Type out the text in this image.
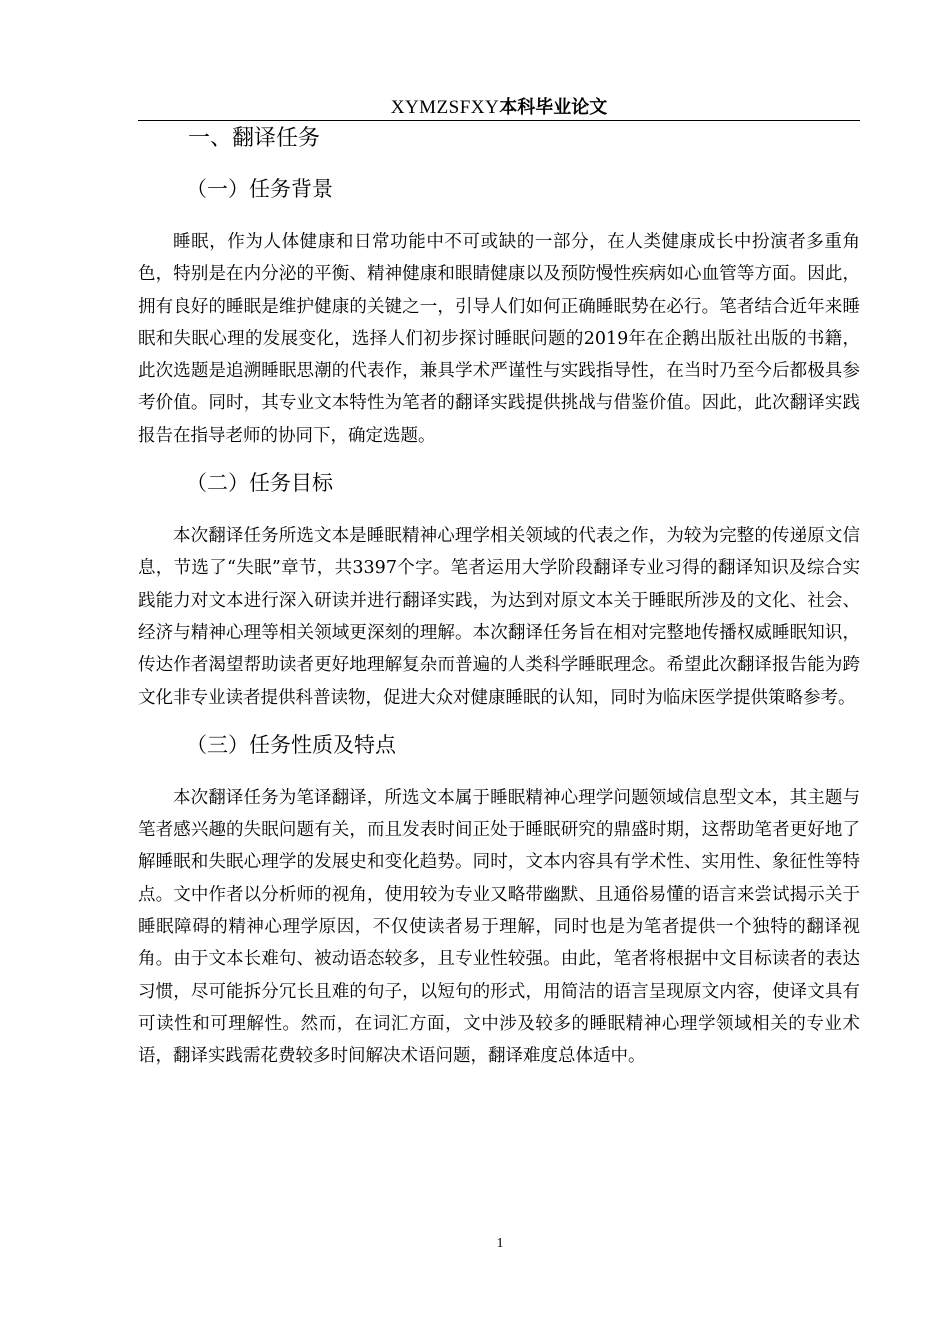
XYMZSFXY本科毕业论文
一、翻译任务
（一）任务背景

睡眠，作为人体健康和日常功能中不可或缺的一部分，在人类健康成长中扮演者多重角色，特别是在内分泌的平衡、精神健康和眼睛健康以及预防慢性疾病如心血管等方面。因此，拥有良好的睡眠是维护健康的关键之一，引导人们如何正确睡眠势在必行。笔者结合近年来睡眠和失眠心理的发展变化，选择人们初步探讨睡眠问题的2019年在企鹅出版社出版的书籍，此次选题是追溯睡眠思潮的代表作，兼具学术严谨性与实践指导性，在当时乃至今后都极具参考价值。同时，其专业文本特性为笔者的翻译实践提供挑战与借鉴价值。因此，此次翻译实践报告在指导老师的协同下，确定选题。

（二）任务目标

本次翻译任务所选文本是睡眠精神心理学相关领域的代表之作，为较为完整的传递原文信息，节选了“失眠”章节，共3397个字。笔者运用大学阶段翻译专业习得的翻译知识及综合实践能力对文本进行深入研读并进行翻译实践，为达到对原文本关于睡眠所涉及的文化、社会、经济与精神心理等相关领域更深刻的理解。本次翻译任务旨在相对完整地传播权威睡眠知识，传达作者渴望帮助读者更好地理解复杂而普遍的人类科学睡眠理念。希望此次翻译报告能为跨文化非专业读者提供科普读物，促进大众对健康睡眠的认知，同时为临床医学提供策略参考。

（三）任务性质及特点

本次翻译任务为笔译翻译，所选文本属于睡眠精神心理学问题领域信息型文本，其主题与笔者感兴趣的失眠问题有关，而且发表时间正处于睡眠研究的鼎盛时期，这帮助笔者更好地了解睡眠和失眠心理学的发展史和变化趋势。同时，文本内容具有学术性、实用性、象征性等特点。文中作者以分析师的视角，使用较为专业又略带幽默、且通俗易懂的语言来尝试揭示关于睡眠障碍的精神心理学原因，不仅使读者易于理解，同时也是为笔者提供一个独特的翻译视角。由于文本长难句、被动语态较多，且专业性较强。由此，笔者将根据中文目标读者的表达习惯，尽可能拆分冗长且难的句子，以短句的形式，用简洁的语言呈现原文内容，使译文具有可读性和可理解性。然而，在词汇方面，文中涉及较多的睡眠精神心理学领域相关的专业术语，翻译实践需花费较多时间解决术语问题，翻译难度总体适中。

1
